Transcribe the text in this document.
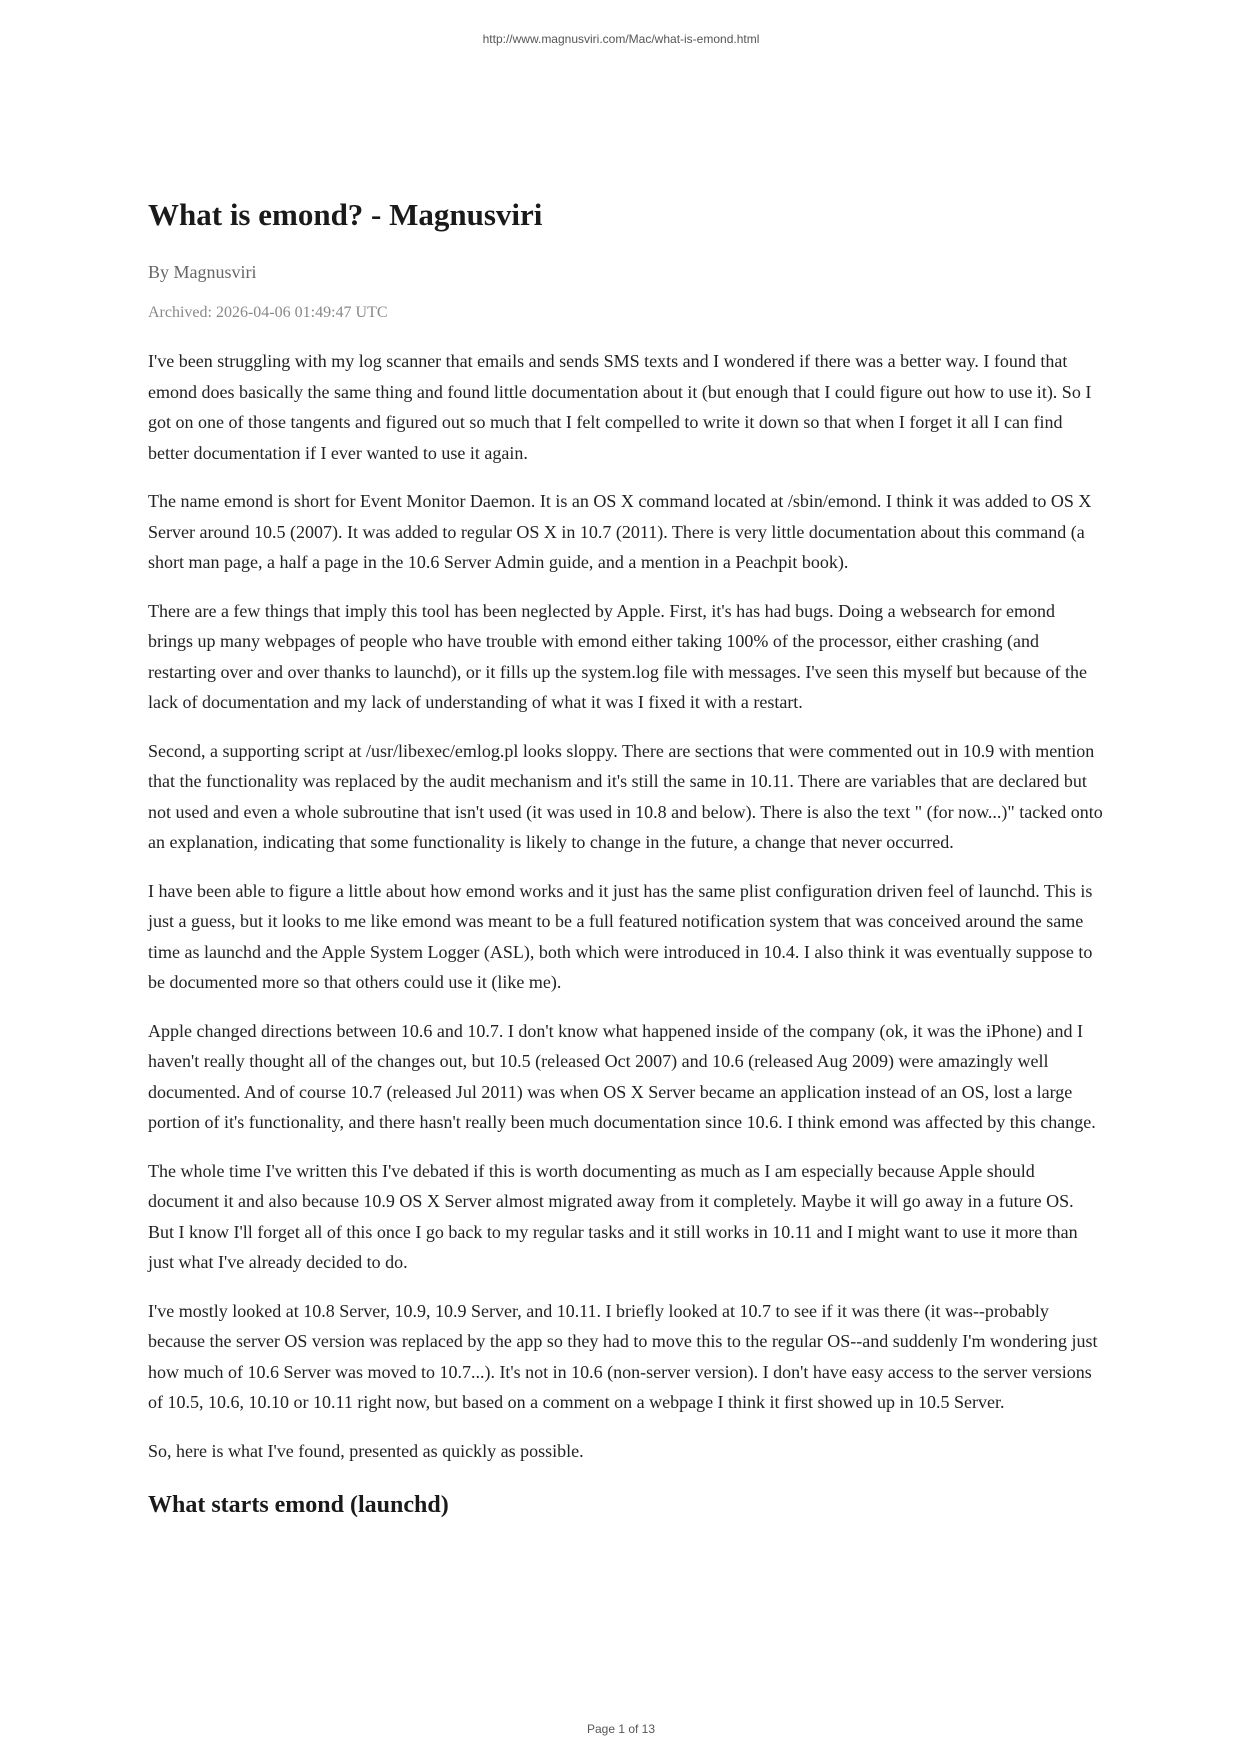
http://www.magnusviri.com/Mac/what-is-emond.html
What is emond? - Magnusviri
By Magnusviri
Archived: 2026-04-06 01:49:47 UTC

I've been struggling with my log scanner that emails and sends SMS texts and I wondered if there was a better way. I found that emond does basically the same thing and found little documentation about it (but enough that I could figure out how to use it). So I got on one of those tangents and figured out so much that I felt compelled to write it down so that when I forget it all I can find better documentation if I ever wanted to use it again.

The name emond is short for Event Monitor Daemon. It is an OS X command located at /sbin/emond. I think it was added to OS X Server around 10.5 (2007). It was added to regular OS X in 10.7 (2011). There is very little documentation about this command (a short man page, a half a page in the 10.6 Server Admin guide, and a mention in a Peachpit book).

There are a few things that imply this tool has been neglected by Apple. First, it's has had bugs. Doing a websearch for emond brings up many webpages of people who have trouble with emond either taking 100% of the processor, either crashing (and restarting over and over thanks to launchd), or it fills up the system.log file with messages. I've seen this myself but because of the lack of documentation and my lack of understanding of what it was I fixed it with a restart.

Second, a supporting script at /usr/libexec/emlog.pl looks sloppy. There are sections that were commented out in 10.9 with mention that the functionality was replaced by the audit mechanism and it's still the same in 10.11. There are variables that are declared but not used and even a whole subroutine that isn't used (it was used in 10.8 and below). There is also the text " (for now...)" tacked onto an explanation, indicating that some functionality is likely to change in the future, a change that never occurred.

I have been able to figure a little about how emond works and it just has the same plist configuration driven feel of launchd. This is just a guess, but it looks to me like emond was meant to be a full featured notification system that was conceived around the same time as launchd and the Apple System Logger (ASL), both which were introduced in 10.4. I also think it was eventually suppose to be documented more so that others could use it (like me).

Apple changed directions between 10.6 and 10.7. I don't know what happened inside of the company (ok, it was the iPhone) and I haven't really thought all of the changes out, but 10.5 (released Oct 2007) and 10.6 (released Aug 2009) were amazingly well documented. And of course 10.7 (released Jul 2011) was when OS X Server became an application instead of an OS, lost a large portion of it's functionality, and there hasn't really been much documentation since 10.6. I think emond was affected by this change.

The whole time I've written this I've debated if this is worth documenting as much as I am especially because Apple should document it and also because 10.9 OS X Server almost migrated away from it completely. Maybe it will go away in a future OS. But I know I'll forget all of this once I go back to my regular tasks and it still works in 10.11 and I might want to use it more than just what I've already decided to do.

I've mostly looked at 10.8 Server, 10.9, 10.9 Server, and 10.11. I briefly looked at 10.7 to see if it was there (it was--probably because the server OS version was replaced by the app so they had to move this to the regular OS--and suddenly I'm wondering just how much of 10.6 Server was moved to 10.7...). It's not in 10.6 (non-server version). I don't have easy access to the server versions of 10.5, 10.6, 10.10 or 10.11 right now, but based on a comment on a webpage I think it first showed up in 10.5 Server.

So, here is what I've found, presented as quickly as possible.

What starts emond (launchd)
Page 1 of 13
